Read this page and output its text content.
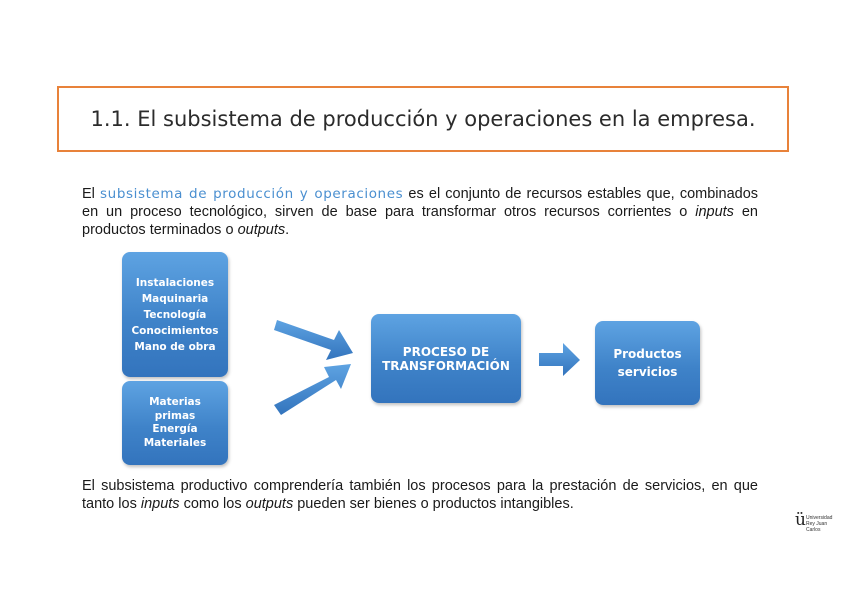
1.1. El subsistema de producción y operaciones en la empresa.
El subsistema de producción y operaciones es el conjunto de recursos estables que, combinados en un proceso tecnológico, sirven de base para transformar otros recursos corrientes o inputs en productos terminados o outputs.
Instalaciones
Maquinaria
Tecnología
Conocimientos
Mano de obra
Materias
primas
Energía
Materiales
PROCESO DE
TRANSFORMACIÓN
Productos
servicios
El subsistema productivo comprendería también los procesos para la prestación de servicios, en que tanto los inputs como los outputs pueden ser bienes o productos intangibles.
ü Universidad
Rey Juan Carlos
